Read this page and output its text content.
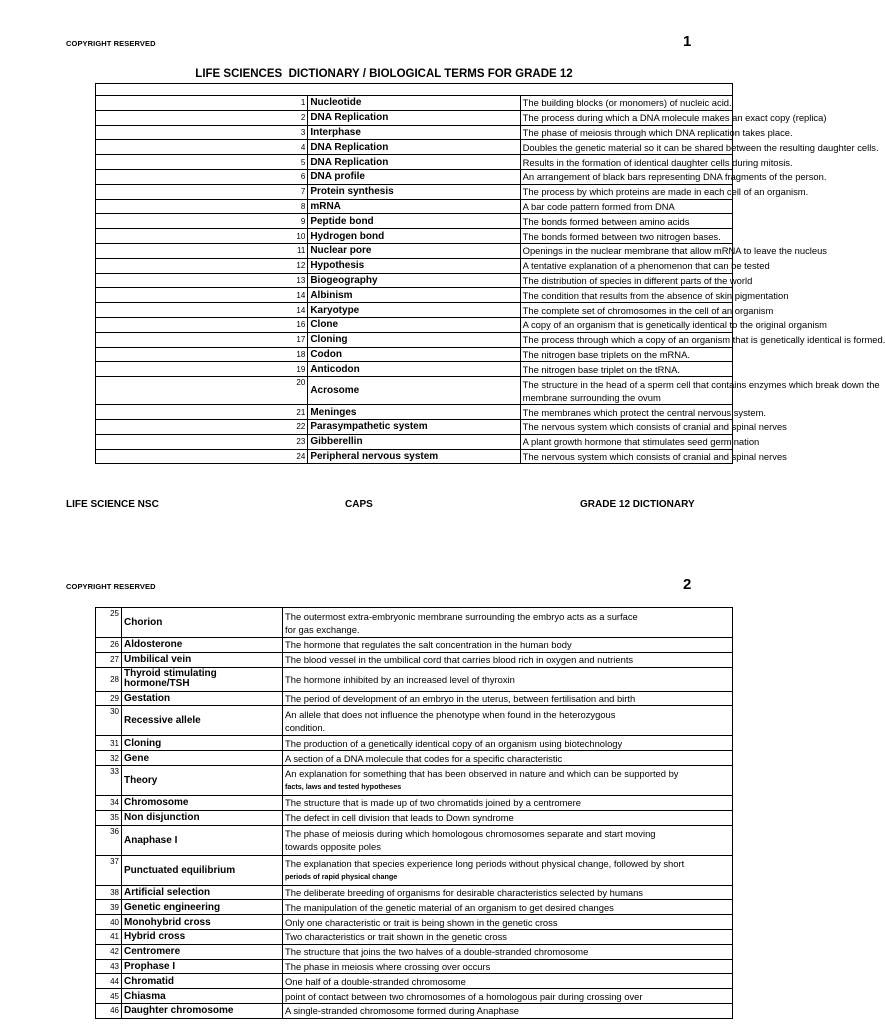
COPYRIGHT RESERVED	1
LIFE SCIENCES  DICTIONARY / BIOLOGICAL TERMS FOR GRADE 12

1	Nucleotide	The building blocks (or monomers) of nucleic acid.
2	DNA Replication	The process during which a DNA molecule makes an exact copy (replica)
3	Interphase	The phase of meiosis through which DNA replication takes place.
4	DNA Replication	Doubles the genetic material so it can be shared between the resulting daughter cells.
5	DNA Replication	Results in the formation of identical daughter cells during mitosis.
6	DNA profile	An arrangement of black bars representing DNA fragments of the person.
7	Protein synthesis	The process by which proteins are made in each cell of an organism.
8	mRNA	A bar code pattern formed from DNA
9	Peptide bond	The bonds formed between amino acids
10	Hydrogen bond	The bonds formed between two nitrogen bases.
11	Nuclear pore	Openings in the nuclear membrane that allow mRNA to leave the nucleus
12	Hypothesis	A tentative explanation of a phenomenon that can be tested
13	Biogeography	The distribution of species in different parts of the world
14	Albinism	The condition that results from the absence of skin pigmentation
14	Karyotype	The complete set of chromosomes in the cell of an organism
16	Clone	A copy of an organism that is genetically identical to the original organism
17	Cloning	The process through which a copy of an organism that is genetically identical is formed.
18	Codon	The nitrogen base triplets on the mRNA.
19	Anticodon	The nitrogen base triplet on the tRNA.
20	Acrosome	The structure in the head of a sperm cell that contains enzymes which break down the
membrane surrounding the ovum

21	Meninges	The membranes which protect the central nervous system.
22	Parasympathetic system	The nervous system which consists of cranial and spinal nerves
23	Gibberellin	A plant growth hormone that stimulates seed germination
24	Peripheral nervous system	The nervous system which consists of cranial and spinal nerves
LIFE SCIENCE NSC	CAPS	GRADE 12 DICTIONARY
COPYRIGHT RESERVED	2
25	Chorion	The outermost extra-embryonic membrane surrounding the embryo acts as a surface
for gas exchange.

26	Aldosterone	The hormone that regulates the salt concentration in the human body
27	Umbilical vein	The blood vessel in the umbilical cord that carries blood rich in oxygen and nutrients
28	Thyroid stimulating hormone/TSH	The hormone inhibited by an increased level of thyroxin
29	Gestation	The period of development of an embryo in the uterus, between fertilisation and birth
30	Recessive allele	An allele that does not influence the phenotype when found in the heterozygous
condition.

31	Cloning	The production of a genetically identical copy of an organism using biotechnology
32	Gene	A section of a DNA molecule that codes for a specific characteristic
33	Theory	An explanation for something that has been observed in nature and which can be supported by
facts, laws and tested hypotheses

34	Chromosome	The structure that is made up of two chromatids joined by a centromere
35	Non disjunction	The defect in cell division that leads to Down syndrome
36	Anaphase I	The phase of meiosis during which homologous chromosomes separate and start moving
towards opposite poles

37	Punctuated equilibrium	The explanation that species experience long periods without physical change, followed by short
periods of rapid physical change

38	Artificial selection	The deliberate breeding of organisms for desirable characteristics selected by humans
39	Genetic engineering	The manipulation of the genetic material of an organism to get desired changes
40	Monohybrid cross	Only one characteristic or trait is being shown in the genetic cross
41	Hybrid cross	Two characteristics or trait shown in the genetic cross
42	Centromere	The structure that joins the two halves of a double-stranded chromosome
43	Prophase I	The phase in meiosis where crossing over occurs
44	Chromatid	One half of a double-stranded chromosome
45	Chiasma	point of contact between two chromosomes of a homologous pair during crossing over
46	Daughter chromosome	A single-stranded chromosome formed during Anaphase
